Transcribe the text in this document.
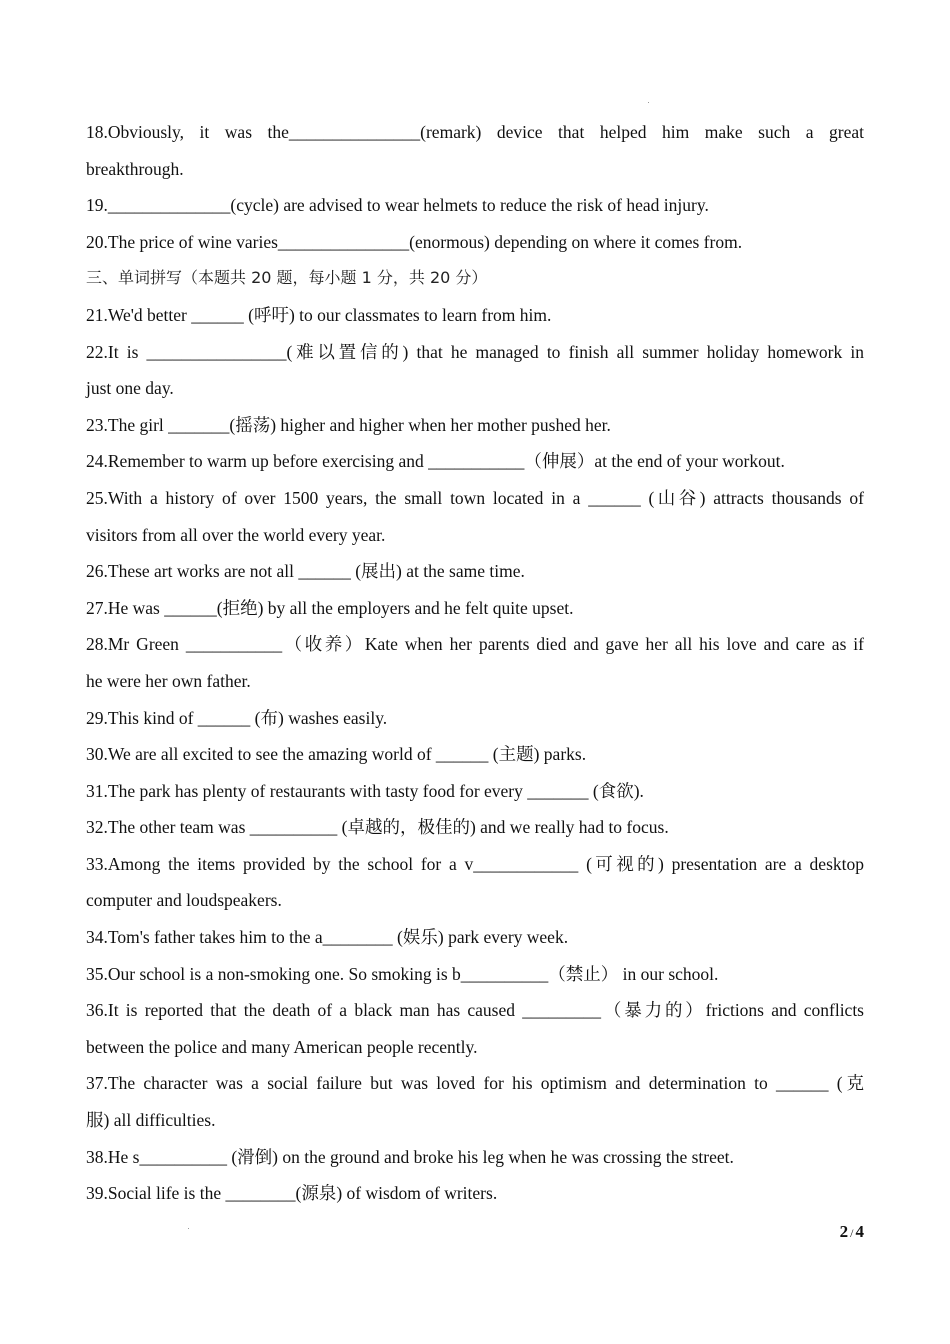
18.Obviously, it was the_______________(remark) device that helped him make such a great
breakthrough.
19.______________(cycle) are advised to wear helmets to reduce the risk of head injury.
20.The price of wine varies_______________(enormous) depending on where it comes from.
三、单词拼写（本题共 20 题，每小题 1 分，共 20 分）
21.We'd better ______ (呼吁) to our classmates to learn from him.
22.It is ________________(难以置信的) that he managed to finish all summer holiday homework in
just one day.
23.The girl _______(摇荡) higher and higher when her mother pushed her.
24.Remember to warm up before exercising and ___________（伸展）at the end of your workout.
25.With a history of over 1500 years, the small town located in a ______ (山谷) attracts thousands of
visitors from all over the world every year.
26.These art works are not all ______ (展出) at the same time.
27.He was ______(拒绝) by all the employers and he felt quite upset.
28.Mr Green ___________（收养）Kate when her parents died and gave her all his love and care as if
he were her own father.
29.This kind of ______ (布) washes easily.
30.We are all excited to see the amazing world of ______ (主题) parks.
31.The park has plenty of restaurants with tasty food for every _______ (食欲).
32.The other team was __________ (卓越的，极佳的) and we really had to focus.
33.Among the items provided by the school for a v____________ (可视的) presentation are a desktop
computer and loudspeakers.
34.Tom's father takes him to the a________ (娱乐) park every week.
35.Our school is a non-smoking one. So smoking is b__________（禁止） in our school.
36.It is reported that the death of a black man has caused _________（暴力的）frictions and conflicts
between the police and many American people recently.
37.The character was a social failure but was loved for his optimism and determination to ______ (克
服) all difficulties.
38.He s__________ (滑倒) on the ground and broke his leg when he was crossing the street.
39.Social life is the ________(源泉) of wisdom of writers.
2 / 4
